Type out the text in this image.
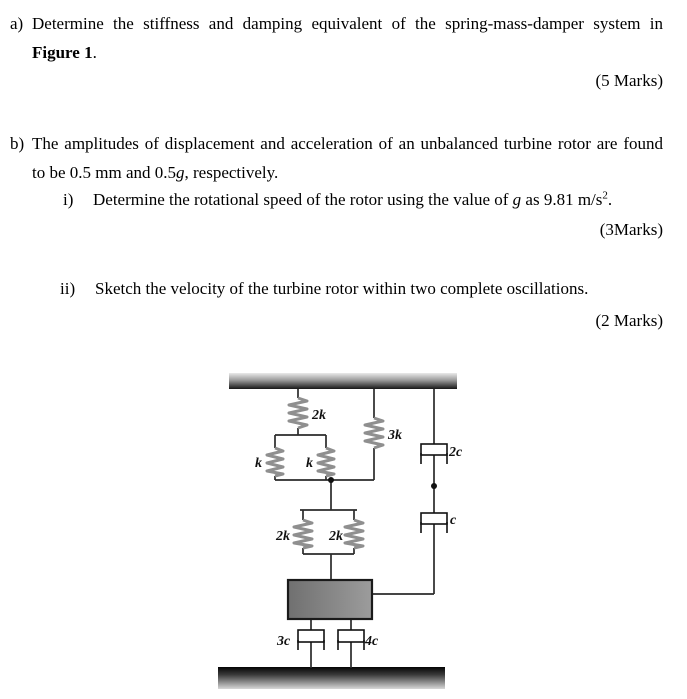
a) Determine the stiffness and damping equivalent of the spring-mass-damper system in
Figure 1.
(5 Marks)
b) The amplitudes of displacement and acceleration of an unbalanced turbine rotor are found
to be 0.5 mm and 0.5g, respectively.
i) Determine the rotational speed of the rotor using the value of g as 9.81 $m/s^2$.
(3Marks)
ii) Sketch the velocity of the turbine rotor within two complete oscillations.
(2 Marks)
2k
3k
k	k
2k	2k
2c
c
3c	4c
